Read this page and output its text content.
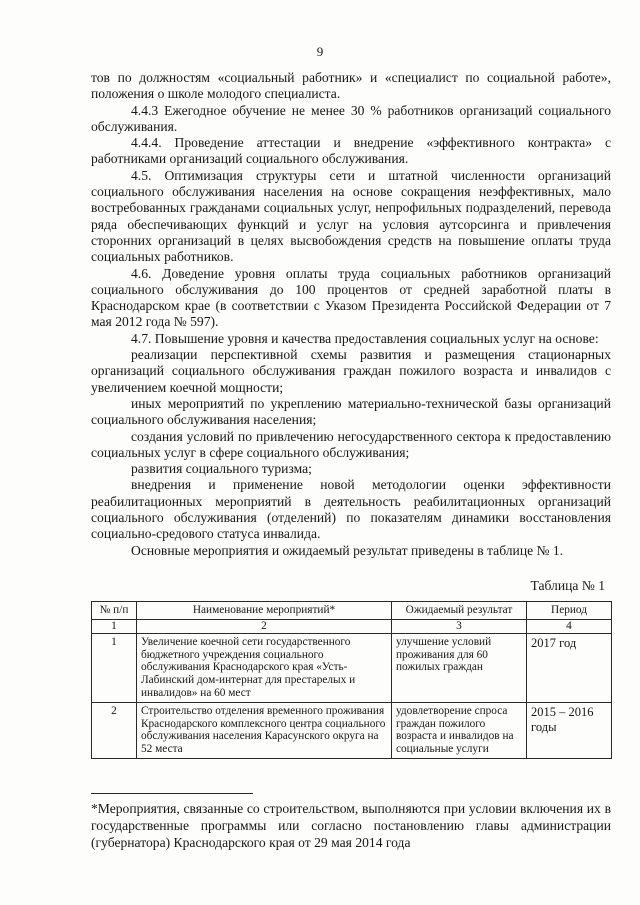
9

тов по должностям «социальный работник» и «специалист по социальной работе», положения о школе молодого специалиста.

4.4.3 Ежегодное обучение не менее 30 % работников организаций социального обслуживания.

4.4.4. Проведение аттестации и внедрение «эффективного контракта» с работниками организаций социального обслуживания.

4.5. Оптимизация структуры сети и штатной численности организаций социального обслуживания населения на основе сокращения неэффективных, мало востребованных гражданами социальных услуг, непрофильных подразделений, перевода ряда обеспечивающих функций и услуг на условия аутсорсинга и привлечения сторонних организаций в целях высвобождения средств на повышение оплаты труда социальных работников.

4.6. Доведение уровня оплаты труда социальных работников организаций социального обслуживания до 100 процентов от средней заработной платы в Краснодарском крае (в соответствии с Указом Президента Российской Федерации от 7 мая 2012 года № 597).

4.7. Повышение уровня и качества предоставления социальных услуг на основе:

реализации перспективной схемы развития и размещения стационарных организаций социального обслуживания граждан пожилого возраста и инвалидов с увеличением коечной мощности;

иных мероприятий по укреплению материально-технической базы организаций социального обслуживания населения;

создания условий по привлечению негосударственного сектора к предоставлению социальных услуг в сфере социального обслуживания;

развития социального туризма;

внедрения и применение новой методологии оценки эффективности реабилитационных мероприятий в деятельность реабилитационных организаций социального обслуживания (отделений) по показателям динамики восстановления социально-средового статуса инвалида.

Основные мероприятия и ожидаемый результат приведены в таблице № 1.

Таблица № 1
№ п/п	Наименование мероприятий*	Ожидаемый результат	Период
1	2	3	4
1	Увеличение коечной сети государственного бюджетного учреждения социального обслуживания Краснодарского края «Усть-Лабинский дом-интернат для престарелых и инвалидов» на 60 мест	улучшение условий проживания для 60 пожилых граждан	2017 год
2	Строительство отделения временного проживания Краснодарского комплексного центра социального обслуживания населения Карасунского округа на 52 места	удовлетворение спроса граждан пожилого возраста и инвалидов на социальные услуги	2015 – 2016 годы
*Мероприятия, связанные со строительством, выполняются при условии включения их в государственные программы или согласно постановлению главы администрации (губернатора) Краснодарского края от 29 мая 2014 года
